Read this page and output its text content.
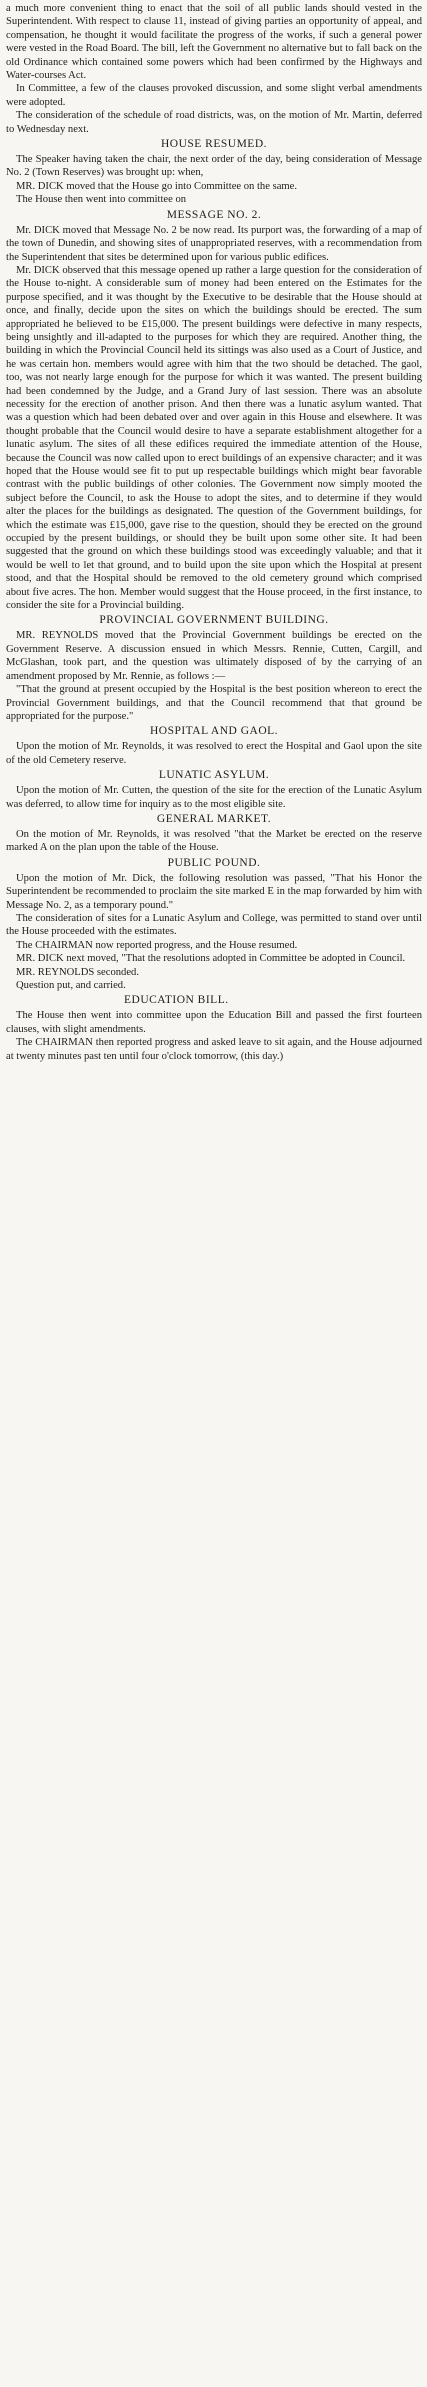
a much more convenient thing to enact that the soil of all public lands should vested in the Superintendent. With respect to clause 11, instead of giving parties an opportunity of appeal, and compensation, he thought it would facilitate the progress of the works, if such a general power were vested in the Road Board. The bill, left the Government no alternative but to fall back on the old Ordinance which contained some powers which had been confirmed by the Highways and Water-courses Act.
In Committee, a few of the clauses provoked discussion, and some slight verbal amendments were adopted.
The consideration of the schedule of road districts, was, on the motion of Mr. Martin, deferred to Wednesday next.
HOUSE RESUMED.
The Speaker having taken the chair, the next order of the day, being consideration of Message No. 2 (Town Reserves) was brought up: when,
MR. DICK moved that the House go into Committee on the same.
The House then went into committee on
MESSAGE NO. 2.
Mr. DICK moved that Message No. 2 be now read. Its purport was, the forwarding of a map of the town of Dunedin, and showing sites of unappropriated reserves, with a recommendation from the Superintendent that sites be determined upon for various public edifices.
Mr. DICK observed that this message opened up rather a large question for the consideration of the House to-night. A considerable sum of money had been entered on the Estimates for the purpose specified, and it was thought by the Executive to be desirable that the House should at once, and finally, decide upon the sites on which the buildings should be erected. The sum appropriated he believed to be £15,000. The present buildings were defective in many respects, being unsightly and ill-adapted to the purposes for which they are required. Another thing, the building in which the Provincial Council held its sittings was also used as a Court of Justice, and he was certain hon. members would agree with him that the two should be detached. The gaol, too, was not nearly large enough for the purpose for which it was wanted. The present building had been condemned by the Judge, and a Grand Jury of last session. There was an absolute necessity for the erection of another prison. And then there was a lunatic asylum wanted. That was a question which had been debated over and over again in this House and elsewhere. It was thought probable that the Council would desire to have a separate establishment altogether for a lunatic asylum. The sites of all these edifices required the immediate attention of the House, because the Council was now called upon to erect buildings of an expensive character; and it was hoped that the House would see fit to put up respectable buildings which might bear favorable contrast with the public buildings of other colonies. The Government now simply mooted the subject before the Council, to ask the House to adopt the sites, and to determine if they would alter the places for the buildings as designated. The question of the Government buildings, for which the estimate was £15,000, gave rise to the question, should they be erected on the ground occupied by the present buildings, or should they be built upon some other site. It had been suggested that the ground on which these buildings stood was exceedingly valuable; and that it would be well to let that ground, and to build upon the site upon which the Hospital at present stood, and that the Hospital should be removed to the old cemetery ground which comprised about five acres. The hon. Member would suggest that the House proceed, in the first instance, to consider the site for a Provincial building.
PROVINCIAL GOVERNMENT BUILDING.
MR. REYNOLDS moved that the Provincial Government buildings be erected on the Government Reserve. A discussion ensued in which Messrs. Rennie, Cutten, Cargill, and McGlashan, took part, and the question was ultimately disposed of by the carrying of an amendment proposed by Mr. Rennie, as follows :—
"That the ground at present occupied by the Hospital is the best position whereon to erect the Provincial Government buildings, and that the Council recommend that that ground be appropriated for the purpose."
HOSPITAL AND GAOL.
Upon the motion of Mr. Reynolds, it was resolved to erect the Hospital and Gaol upon the site of the old Cemetery reserve.
LUNATIC ASYLUM.
Upon the motion of Mr. Cutten, the question of the site for the erection of the Lunatic Asylum was deferred, to allow time for inquiry as to the most eligible site.
GENERAL MARKET.
On the motion of Mr. Reynolds, it was resolved "that the Market be erected on the reserve marked A on the plan upon the table of the House.
PUBLIC POUND.
Upon the motion of Mr. Dick, the following resolution was passed, "That his Honor the Superintendent be recommended to proclaim the site marked E in the map forwarded by him with Message No. 2, as a temporary pound."
The consideration of sites for a Lunatic Asylum and College, was permitted to stand over until the House proceeded with the estimates.
The CHAIRMAN now reported progress, and the House resumed.
MR. DICK next moved, "That the resolutions adopted in Committee be adopted in Council.
MR. REYNOLDS seconded.
Question put, and carried.
EDUCATION BILL.
The House then went into committee upon the Education Bill and passed the first fourteen clauses, with slight amendments.
The CHAIRMAN then reported progress and asked leave to sit again, and the House adjourned at twenty minutes past ten until four o'clock tomorrow, (this day.)
